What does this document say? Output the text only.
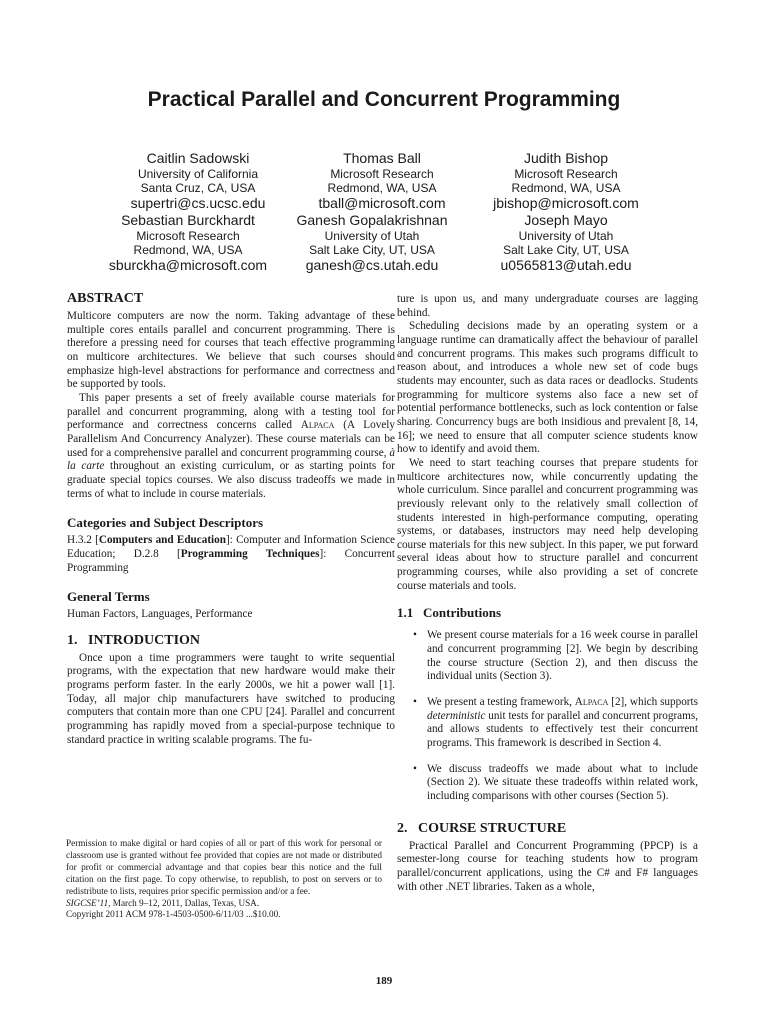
Practical Parallel and Concurrent Programming
Caitlin Sadowski
University of California
Santa Cruz, CA, USA
supertri@cs.ucsc.edu
Thomas Ball
Microsoft Research
Redmond, WA, USA
tball@microsoft.com
Judith Bishop
Microsoft Research
Redmond, WA, USA
jbishop@microsoft.com
Sebastian Burckhardt
Microsoft Research
Redmond, WA, USA
sburckha@microsoft.com
Ganesh Gopalakrishnan
University of Utah
Salt Lake City, UT, USA
ganesh@cs.utah.edu
Joseph Mayo
University of Utah
Salt Lake City, UT, USA
u0565813@utah.edu
ABSTRACT

Multicore computers are now the norm. Taking advantage of these multiple cores entails parallel and concurrent programming. There is therefore a pressing need for courses that teach effective programming on multicore architectures. We believe that such courses should emphasize high-level abstractions for performance and correctness and be supported by tools.

This paper presents a set of freely available course materials for parallel and concurrent programming, along with a testing tool for performance and correctness concerns called Alpaca (A Lovely Parallelism And Concurrency Analyzer). These course materials can be used for a comprehensive parallel and concurrent programming course, à la carte throughout an existing curriculum, or as starting points for graduate special topics courses. We also discuss tradeoffs we made in terms of what to include in course materials.

Categories and Subject Descriptors

H.3.2 [Computers and Education]: Computer and Information Science Education; D.2.8 [Programming Techniques]: Concurrent Programming

General Terms

Human Factors, Languages, Performance

1.   INTRODUCTION

Once upon a time programmers were taught to write sequential programs, with the expectation that new hardware would make their programs perform faster. In the early 2000s, we hit a power wall [1]. Today, all major chip manufacturers have switched to producing computers that contain more than one CPU [24]. Parallel and concurrent programming has rapidly moved from a special-purpose technique to standard practice in writing scalable programs. The fu-

Permission to make digital or hard copies of all or part of this work for personal or classroom use is granted without fee provided that copies are not made or distributed for profit or commercial advantage and that copies bear this notice and the full citation on the first page. To copy otherwise, to republish, to post on servers or to redistribute to lists, requires prior specific permission and/or a fee.
SIGCSE’11, March 9–12, 2011, Dallas, Texas, USA.
Copyright 2011 ACM 978-1-4503-0500-6/11/03 ...$10.00.

ture is upon us, and many undergraduate courses are lagging behind.

Scheduling decisions made by an operating system or a language runtime can dramatically affect the behaviour of parallel and concurrent programs. This makes such programs difficult to reason about, and introduces a whole new set of code bugs students may encounter, such as data races or deadlocks. Students programming for multicore systems also face a new set of potential performance bottlenecks, such as lock contention or false sharing. Concurrency bugs are both insidious and prevalent [8, 14, 16]; we need to ensure that all computer science students know how to identify and avoid them.

We need to start teaching courses that prepare students for multicore architectures now, while concurrently updating the whole curriculum. Since parallel and concurrent programming was previously relevant only to the relatively small collection of students interested in high-performance computing, operating systems, or databases, instructors may need help developing course materials for this new subject. In this paper, we put forward several ideas about how to structure parallel and concurrent programming courses, while also providing a set of concrete course materials and tools.

1.1   Contributions
• We present course materials for a 16 week course in parallel and concurrent programming [2]. We begin by describing the course structure (Section 2), and then discuss the individual units (Section 3).
• We present a testing framework, Alpaca [2], which supports deterministic unit tests for parallel and concurrent programs, and allows students to effectively test their concurrent programs. This framework is described in Section 4.
• We discuss tradeoffs we made about what to include (Section 2). We situate these tradeoffs within related work, including comparisons with other courses (Section 5).
2.   COURSE STRUCTURE

Practical Parallel and Concurrent Programming (PPCP) is a semester-long course for teaching students how to program parallel/concurrent applications, using the C# and F# languages with other .NET libraries. Taken as a whole,

189
